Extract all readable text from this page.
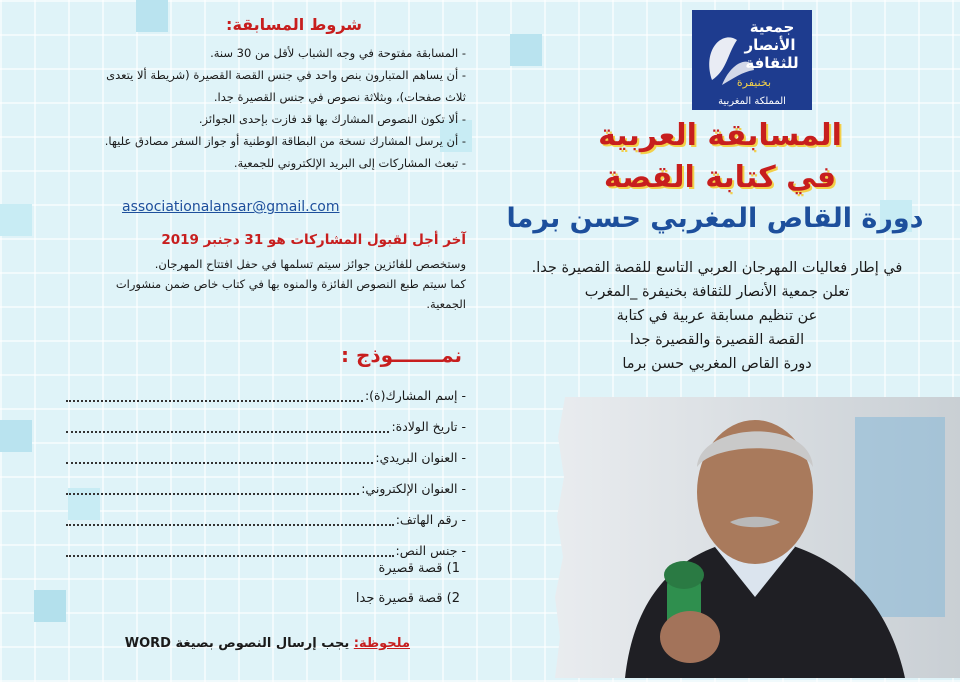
جمعية
الأنصار
للثقافة
بخنيفرة
المملكة المغربية
المسابقة العربية
في كتابة القصة
دورة القاص المغربي حسن برما
في إطار فعاليات المهرجان العربي التاسع للقصة القصيرة جدا.
تعلن جمعية الأنصار للثقافة بخنيفرة _المغرب
عن تنظيم مسابقة عربية في كتابة
القصة القصيرة والقصيرة جدا
دورة القاص المغربي حسن برما
شروط المسابقة:
- المسابقة مفتوحة في وجه الشباب لأقل من 30 سنة.
- أن يساهم المتبارون بنص واحد في جنس القصة القصيرة (شريطة ألا يتعدى
ثلاث صفحات)، وبثلاثة نصوص في جنس القصيرة جدا.
- ألا تكون النصوص المشارك بها قد فازت بإحدى الجوائز.
- أن يرسل المشارك نسخة من البطاقة الوطنية أو جواز السفر مصادق عليها.
- تبعث المشاركات إلى البريد الإلكتروني للجمعية.
associationalansar@gmail.com
آخر أجل لقبول المشاركات هو 31 دجنبر 2019
وستخصص للفائزين جوائز سيتم تسلمها في حفل افتتاح المهرجان.
كما سيتم طبع النصوص الفائزة والمنوه بها في كتاب خاص ضمن منشورات
الجمعية.
نمـــــــوذج :
- إسم المشارك(ة):
- تاريخ الولادة:
- العنوان البريدي:
- العنوان الإلكتروني:
- رقم الهاتف:
- جنس النص:
1) قصة قصيرة
2) قصة قصيرة جدا
ملحوظة: يجب إرسال النصوص بصيغة WORD
